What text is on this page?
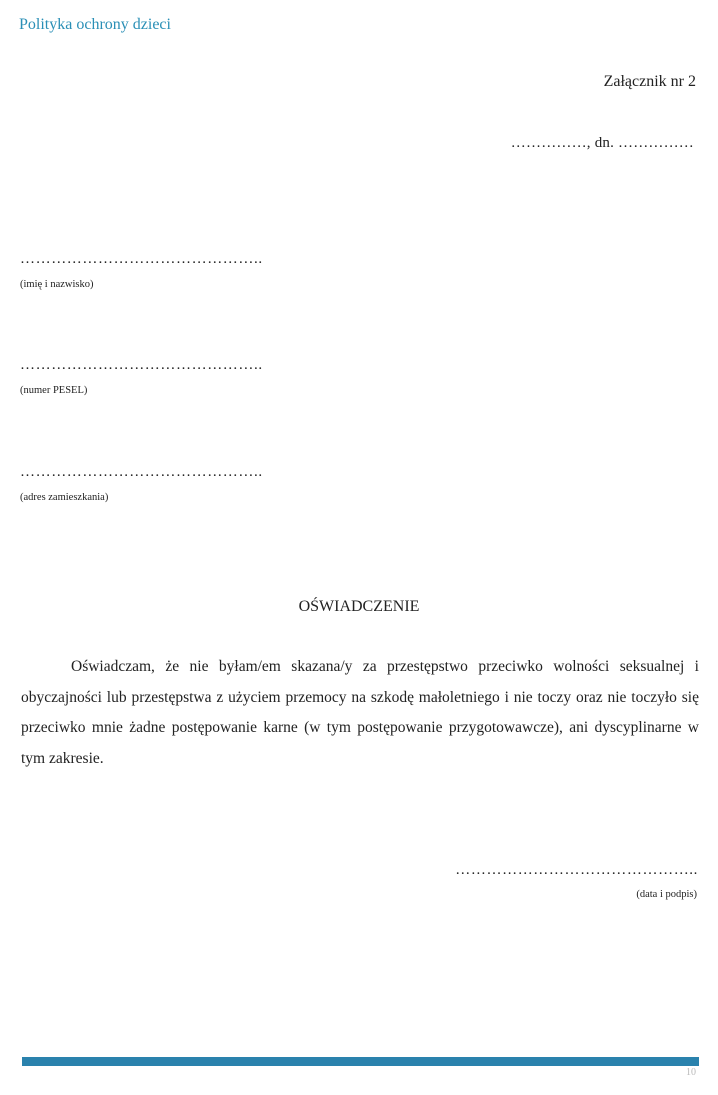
Polityka ochrony dzieci

Załącznik nr 2

……………, dn. ……………

………………………………………..

(imię i nazwisko)

………………………………………..

(numer PESEL)

………………………………………..

(adres zamieszkania)

OŚWIADCZENIE

Oświadczam, że nie byłam/em skazana/y za przestępstwo przeciwko wolności seksualnej i obyczajności lub przestępstwa z użyciem przemocy na szkodę małoletniego i nie toczy oraz nie toczyło się przeciwko mnie żadne postępowanie karne (w tym postępowanie przygotowawcze), ani dyscyplinarne w tym zakresie.

………………………………………..

(data i podpis)

10
